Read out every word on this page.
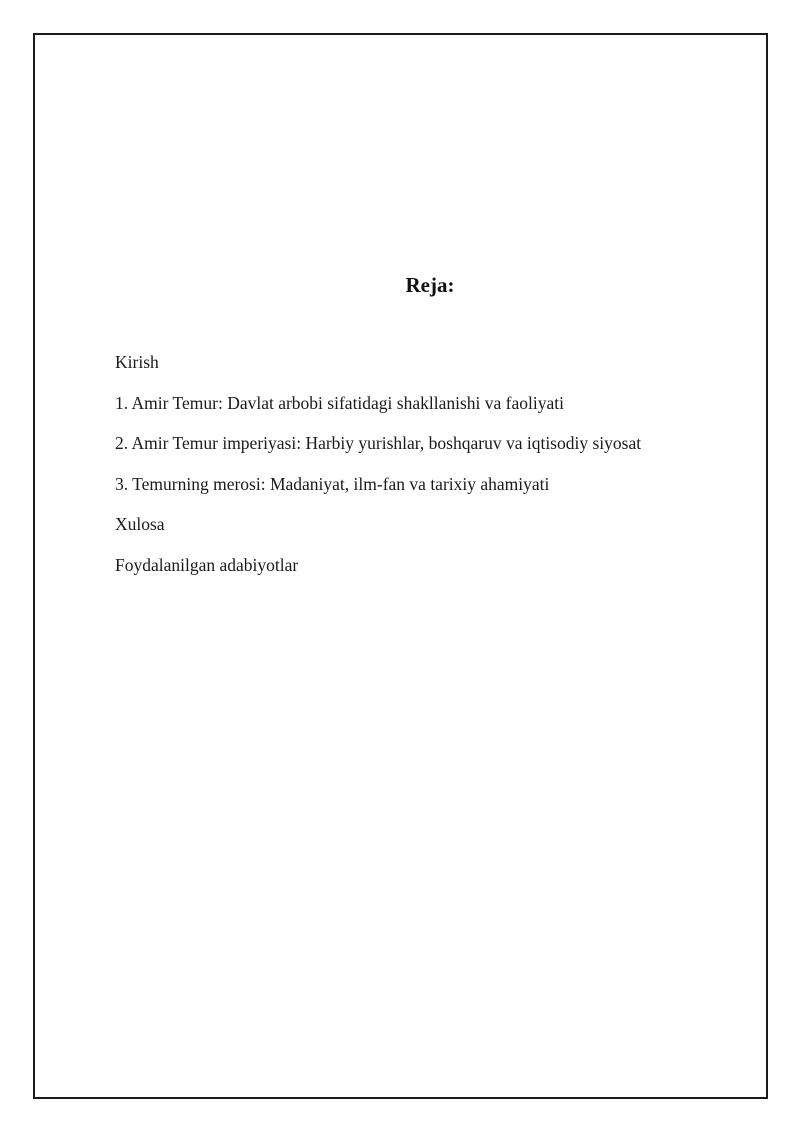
Reja:
Kirish
1. Amir Temur: Davlat arbobi sifatidagi shakllanishi va faoliyati
2. Amir Temur imperiyasi: Harbiy yurishlar, boshqaruv va iqtisodiy siyosat
3. Temurning merosi: Madaniyat, ilm-fan va tarixiy ahamiyati
Xulosa
Foydalanilgan adabiyotlar
